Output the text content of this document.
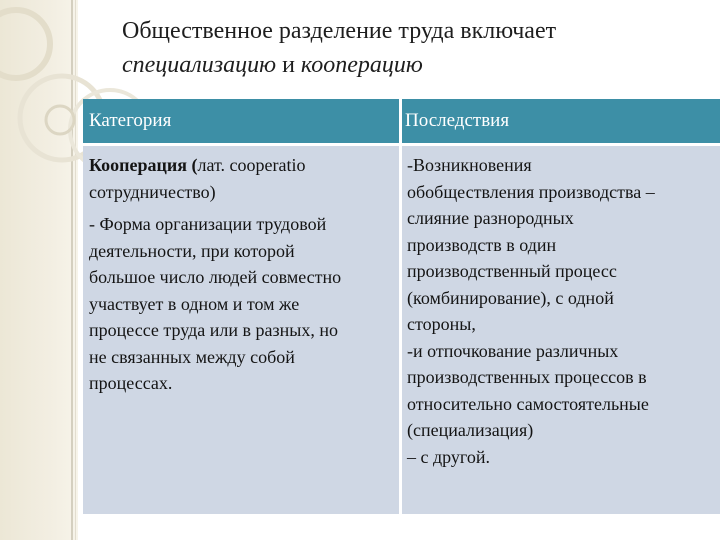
Общественное разделение труда включает
специализацию и кооперацию
Категория	Последствия

Кооперация (лат. cooperatio

сотрудничество)

- Форма организации трудовой

деятельности, при которой

большое число людей совместно

участвует в одном и том же

процессе труда или в разных, но

не связанных между собой

процессах.

-Возникновения

обобществления производства –

слияние разнородных

производств в один

производственный процесс

(комбинирование), с одной

стороны,

-и отпочкование различных

производственных процессов в

относительно самостоятельные

(специализация)

– с другой.
